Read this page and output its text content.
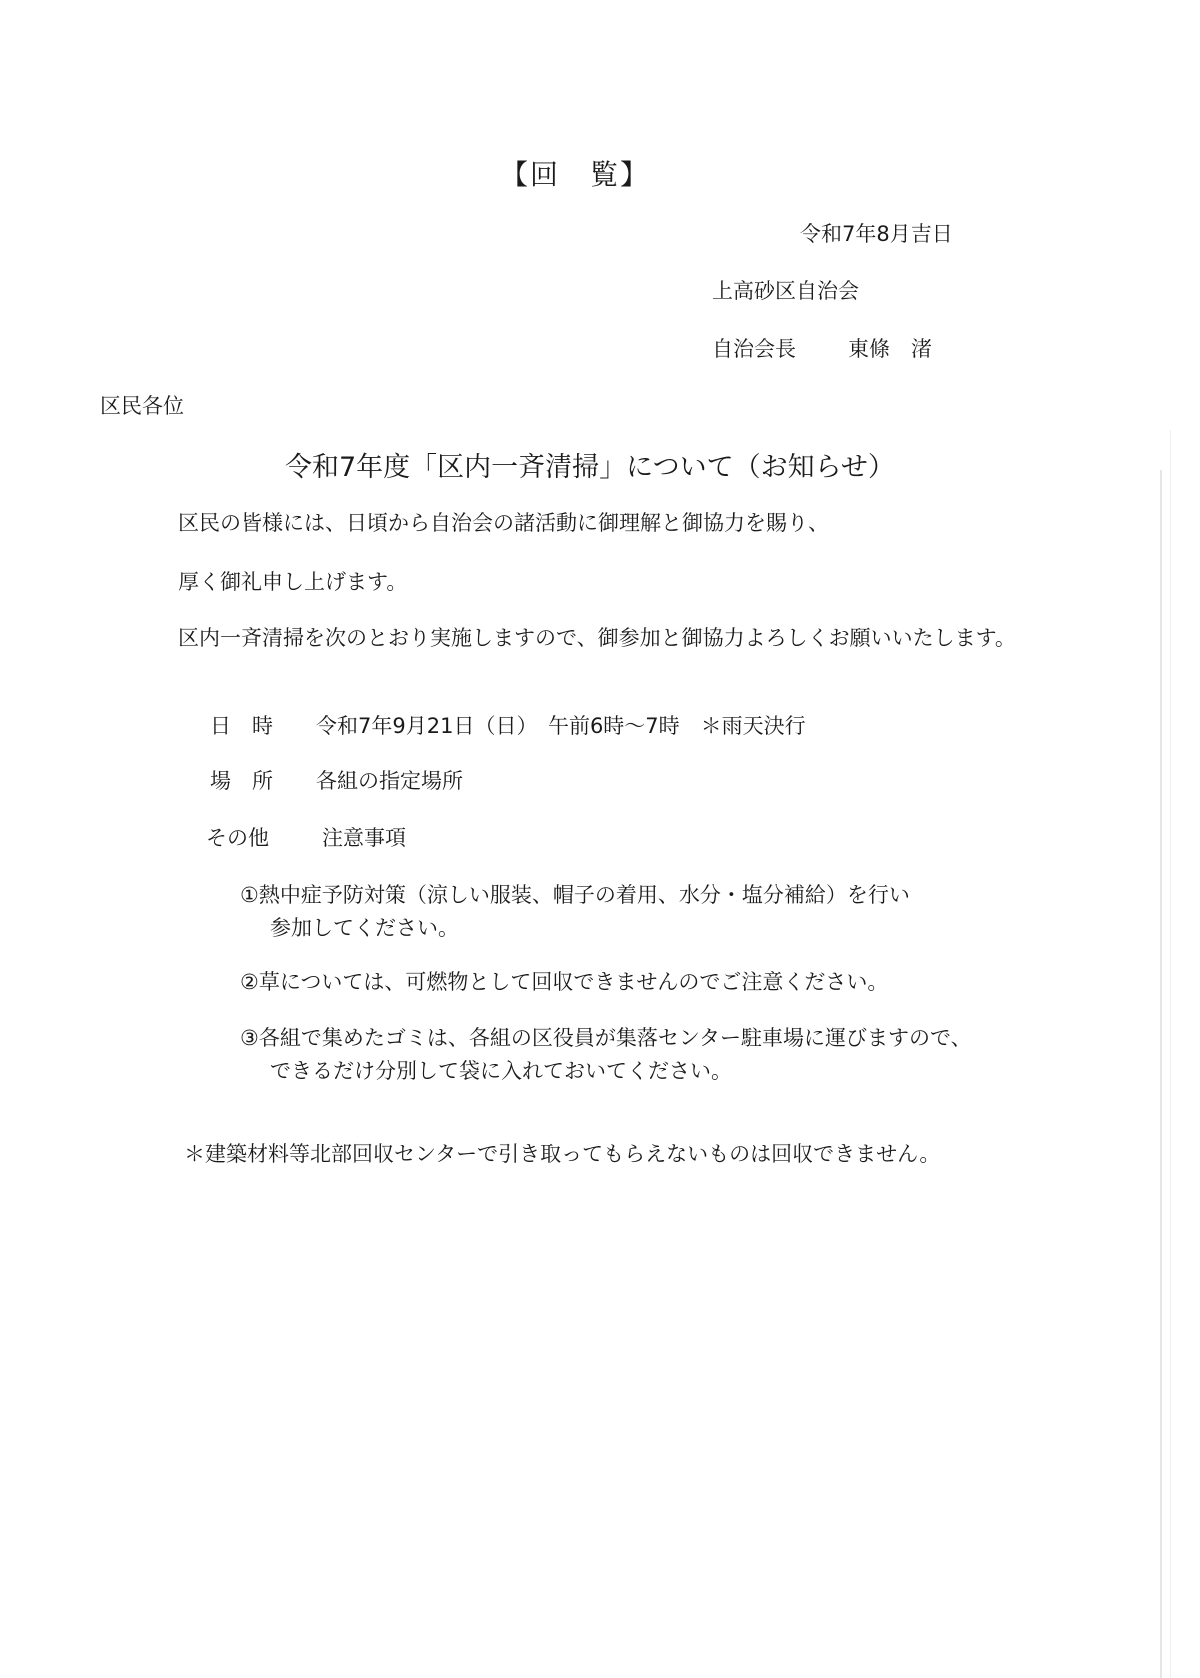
【回　覧】
令和7年8月吉日
上高砂区自治会
自治会長 東條　渚
区民各位
令和7年度「区内一斉清掃」について（お知らせ）
区民の皆様には、日頃から自治会の諸活動に御理解と御協力を賜り、
厚く御礼申し上げます。
区内一斉清掃を次のとおり実施しますので、御参加と御協力よろしくお願いいたします。
日　時 令和7年9月21日（日）　午前6時～7時　＊雨天決行
場　所 各組の指定場所
その他	注意事項
①熱中症予防対策（涼しい服装、帽子の着用、水分・塩分補給）を行い
参加してください。
②草については、可燃物として回収できませんのでご注意ください。
③各組で集めたゴミは、各組の区役員が集落センター駐車場に運びますので、
できるだけ分別して袋に入れておいてください。
＊建築材料等北部回収センターで引き取ってもらえないものは回収できません。
